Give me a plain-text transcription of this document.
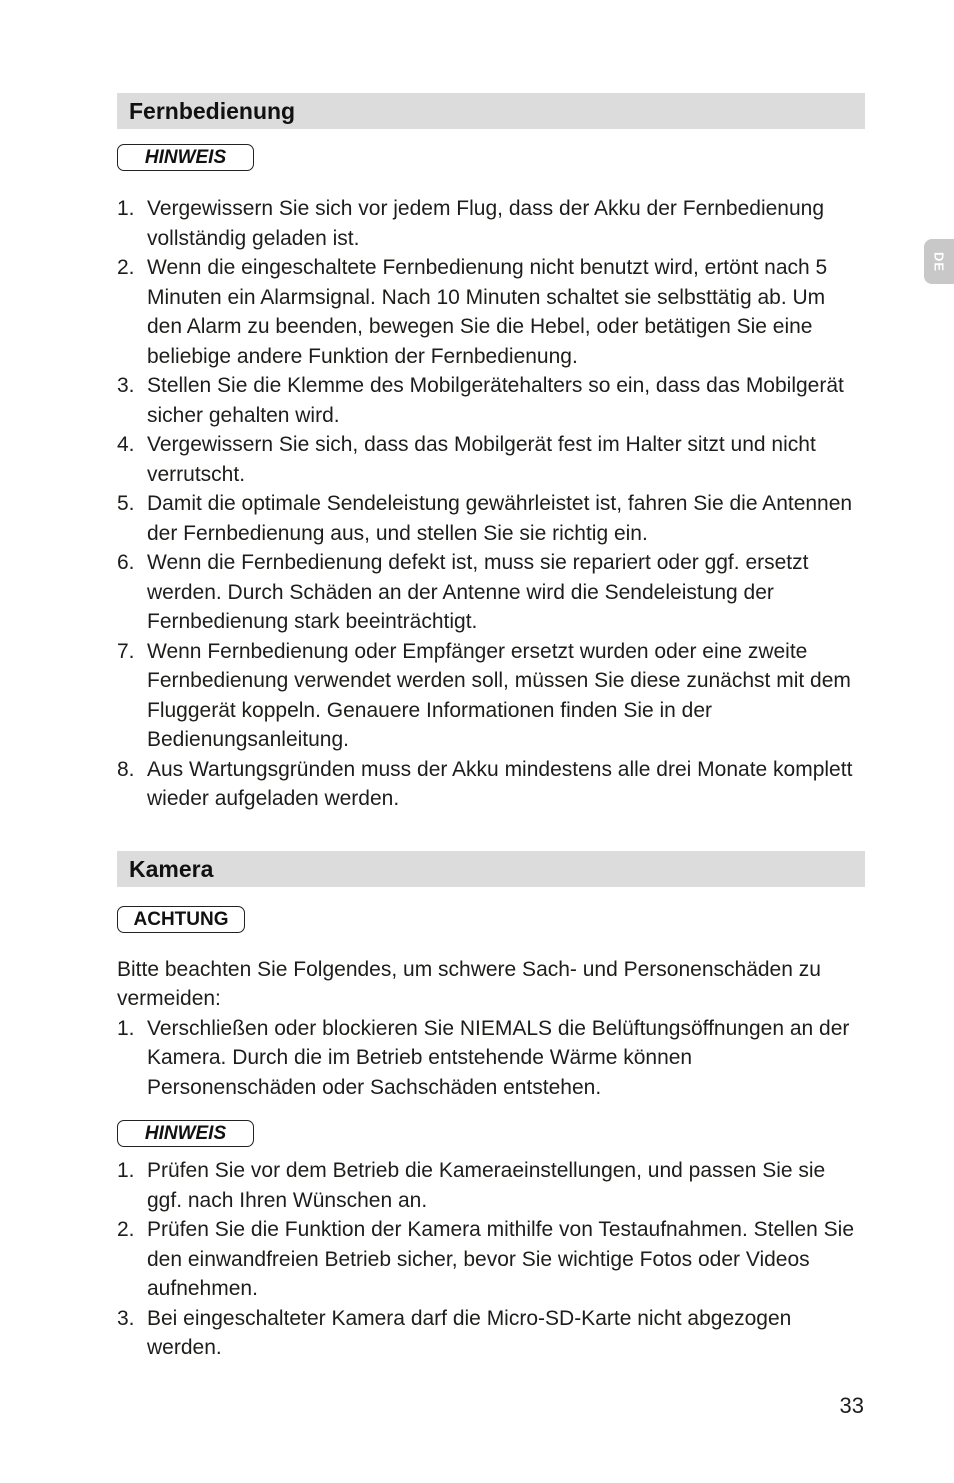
DE
Fernbedienung
HINWEIS
1. Vergewissern Sie sich vor jedem Flug, dass der Akku der Fernbedienung vollständig geladen ist.
2. Wenn die eingeschaltete Fernbedienung nicht benutzt wird, ertönt nach 5 Minuten ein Alarmsignal. Nach 10 Minuten schaltet sie selbsttätig ab. Um den Alarm zu beenden, bewegen Sie die Hebel, oder betätigen Sie eine beliebige andere Funktion der Fernbedienung.
3. Stellen Sie die Klemme des Mobilgerätehalters so ein, dass das Mobilgerät sicher gehalten wird.
4. Vergewissern Sie sich, dass das Mobilgerät fest im Halter sitzt und nicht verrutscht.
5. Damit die optimale Sendeleistung gewährleistet ist, fahren Sie die Antennen der Fernbedienung aus, und stellen Sie sie richtig ein.
6. Wenn die Fernbedienung defekt ist, muss sie repariert oder ggf. ersetzt werden. Durch Schäden an der Antenne wird die Sendeleistung der Fernbedienung stark beeinträchtigt.
7. Wenn Fernbedienung oder Empfänger ersetzt wurden oder eine zweite Fernbedienung verwendet werden soll, müssen Sie diese zunächst mit dem Fluggerät koppeln. Genauere Informationen finden Sie in der Bedienungsanleitung.
8. Aus Wartungsgründen muss der Akku mindestens alle drei Monate komplett wieder aufgeladen werden.
Kamera
ACHTUNG

Bitte beachten Sie Folgendes, um schwere Sach- und Personenschäden zu vermeiden:

1. Verschließen oder blockieren Sie NIEMALS die Belüftungsöffnungen an der Kamera. Durch die im Betrieb entstehende Wärme können Personenschäden oder Sachschäden entstehen.
HINWEIS
1. Prüfen Sie vor dem Betrieb die Kameraeinstellungen, und passen Sie sie ggf. nach Ihren Wünschen an.
2. Prüfen Sie die Funktion der Kamera mithilfe von Testaufnahmen. Stellen Sie den einwandfreien Betrieb sicher, bevor Sie wichtige Fotos oder Videos aufnehmen.
3. Bei eingeschalteter Kamera darf die Micro-SD-Karte nicht abgezogen werden.
33
